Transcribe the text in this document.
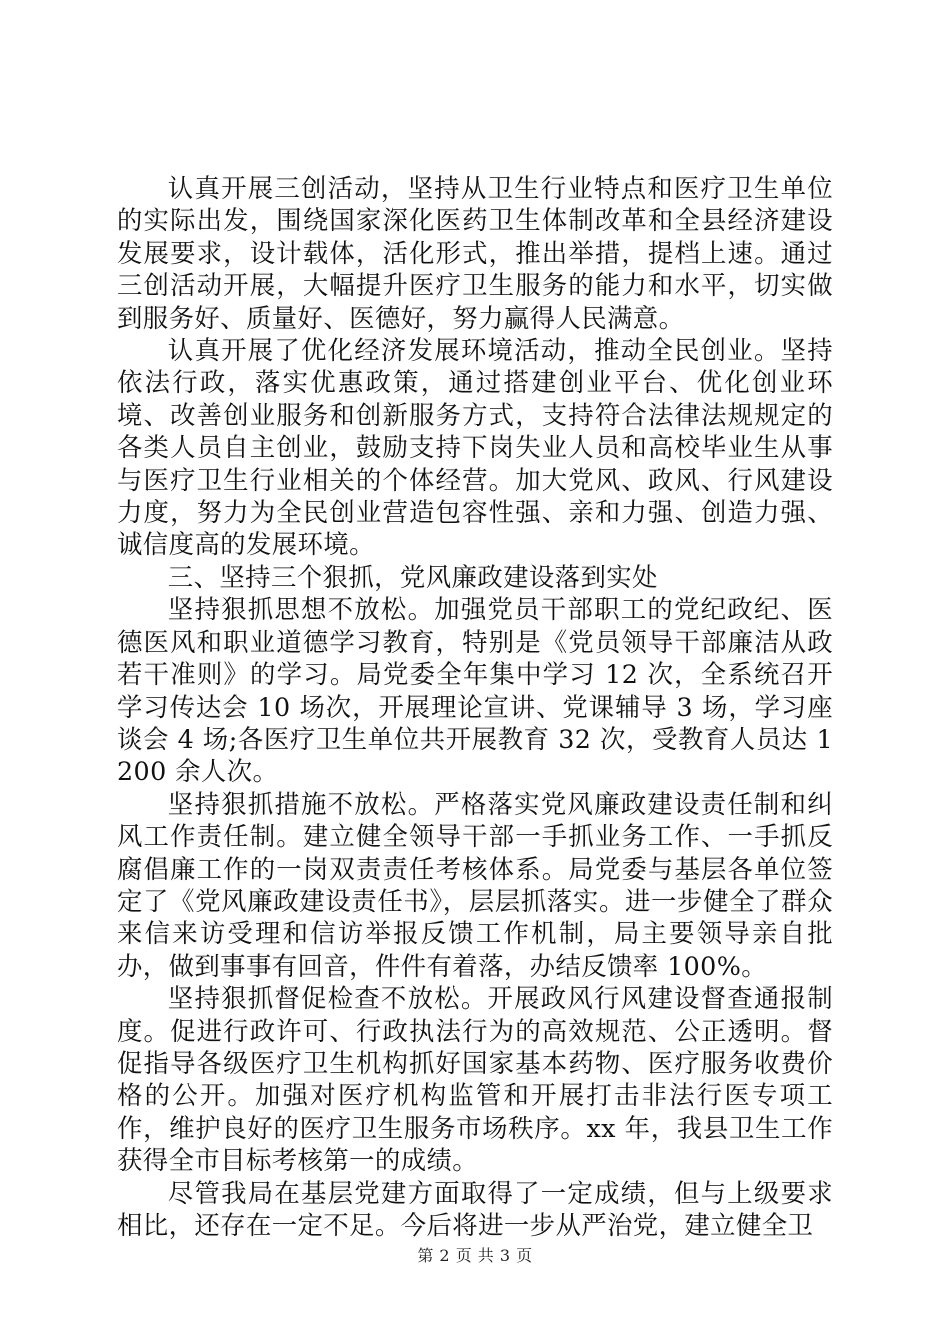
认真开展三创活动，坚持从卫生行业特点和医疗卫生单位的实际出发，围绕国家深化医药卫生体制改革和全县经济建设发展要求，设计载体，活化形式，推出举措，提档上速。通过三创活动开展，大幅提升医疗卫生服务的能力和水平，切实做到服务好、质量好、医德好，努力赢得人民满意。

认真开展了优化经济发展环境活动，推动全民创业。坚持依法行政，落实优惠政策，通过搭建创业平台、优化创业环境、改善创业服务和创新服务方式，支持符合法律法规规定的各类人员自主创业，鼓励支持下岗失业人员和高校毕业生从事与医疗卫生行业相关的个体经营。加大党风、政风、行风建设力度，努力为全民创业营造包容性强、亲和力强、创造力强、诚信度高的发展环境。

三、坚持三个狠抓，党风廉政建设落到实处

坚持狠抓思想不放松。加强党员干部职工的党纪政纪、医德医风和职业道德学习教育，特别是《党员领导干部廉洁从政若干准则》的学习。局党委全年集中学习 12 次，全系统召开学习传达会 10 场次，开展理论宣讲、党课辅导 3 场，学习座谈会 4 场;各医疗卫生单位共开展教育 32 次，受教育人员达 1200 余人次。

坚持狠抓措施不放松。严格落实党风廉政建设责任制和纠风工作责任制。建立健全领导干部一手抓业务工作、一手抓反腐倡廉工作的一岗双责责任考核体系。局党委与基层各单位签定了《党风廉政建设责任书》，层层抓落实。进一步健全了群众来信来访受理和信访举报反馈工作机制，局主要领导亲自批办，做到事事有回音，件件有着落，办结反馈率 100%。

坚持狠抓督促检查不放松。开展政风行风建设督查通报制度。促进行政许可、行政执法行为的高效规范、公正透明。督促指导各级医疗卫生机构抓好国家基本药物、医疗服务收费价格的公开。加强对医疗机构监管和开展打击非法行医专项工作，维护良好的医疗卫生服务市场秩序。xx 年，我县卫生工作获得全市目标考核第一的成绩。

尽管我局在基层党建方面取得了一定成绩，但与上级要求相比，还存在一定不足。今后将进一步从严治党，建立健全卫

第 2 页 共 3 页
